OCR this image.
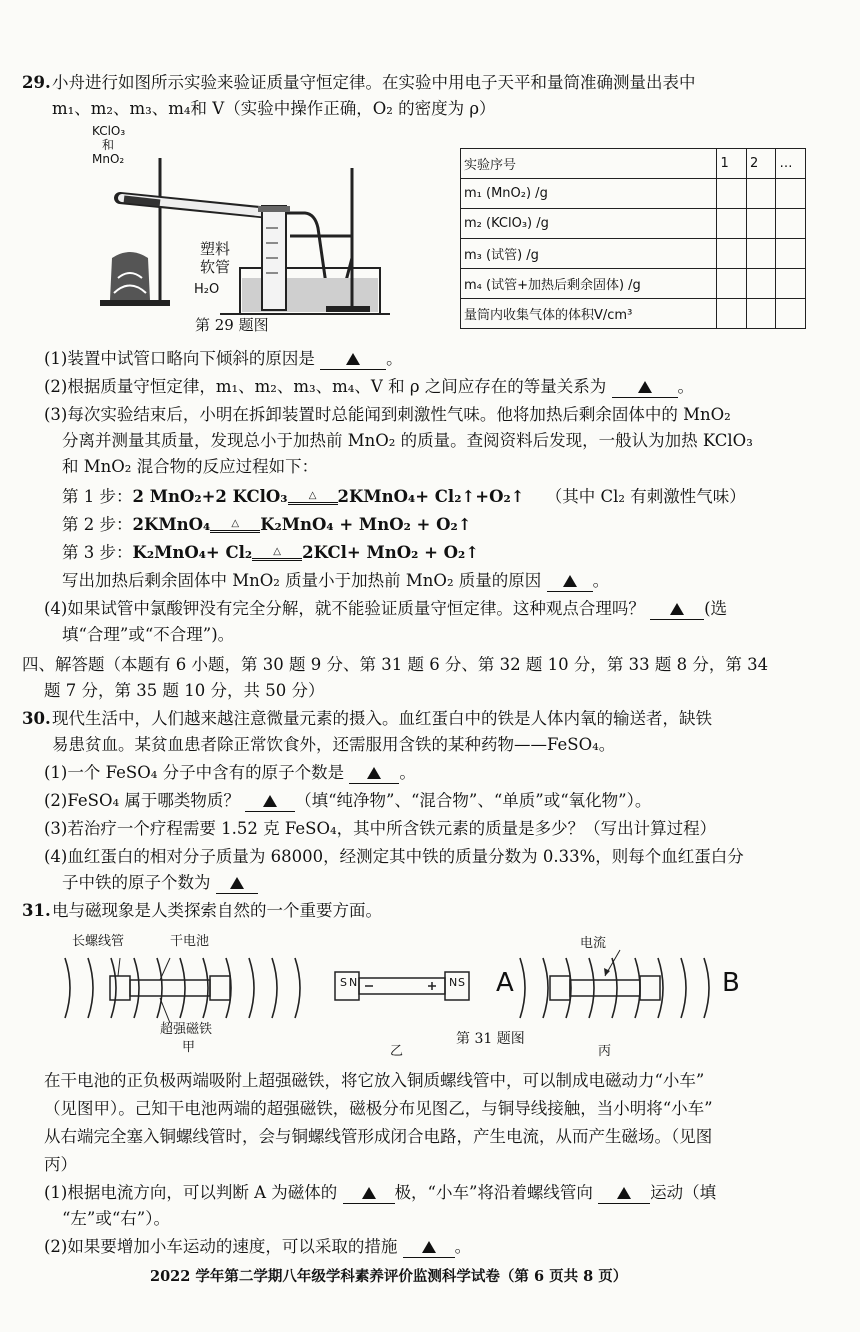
29. 小舟进行如图所示实验来验证质量守恒定律。在实验中用电子天平和量筒准确测量出表中
m₁、m₂、m₃、m₄和 V（实验中操作正确，O₂ 的密度为 ρ）
KClO₃
和
MnO₂
塑料
软管
H₂O
第 29 题图
实验序号	1	2	…
m₁ (MnO₂) /g			
m₂ (KClO₃) /g			
m₃ (试管) /g			
m₄ (试管+加热后剩余固体) /g			
量筒内收集气体的体积V/cm³			
(1)装置中试管口略向下倾斜的原因是	。
(2)根据质量守恒定律，m₁、m₂、m₃、m₄、V 和 ρ 之间应存在的等量关系为	。
(3)每次实验结束后，小明在拆卸装置时总能闻到刺激性气味。他将加热后剩余固体中的 MnO₂
分离并测量其质量，发现总小于加热前 MnO₂ 的质量。查阅资料后发现，一般认为加热 KClO₃
和 MnO₂ 混合物的反应过程如下：
第 1 步：2 MnO₂+2 KClO₃	△	2KMnO₄+ Cl₂↑+O₂↑ （其中 Cl₂ 有刺激性气味）
第 2 步：2KMnO₄	△	K₂MnO₄ + MnO₂ + O₂↑
第 3 步：K₂MnO₄+ Cl₂	△	2KCl+ MnO₂ + O₂↑
写出加热后剩余固体中 MnO₂ 质量小于加热前 MnO₂ 质量的原因	。
(4)如果试管中氯酸钾没有完全分解，就不能验证质量守恒定律。这种观点合理吗？	(选
填“合理”或“不合理”)。
四、解答题（本题有 6 小题，第 30 题 9 分、第 31 题 6 分、第 32 题 10 分，第 33 题 8 分，第 34
题 7 分，第 35 题 10 分，共 50 分）
30. 现代生活中，人们越来越注意微量元素的摄入。血红蛋白中的铁是人体内氧的输送者，缺铁
易患贫血。某贫血患者除正常饮食外，还需服用含铁的某种药物——FeSO₄。
(1)一个 FeSO₄ 分子中含有的原子个数是	。
(2)FeSO₄ 属于哪类物质？	（填“纯净物”、“混合物”、“单质”或“氧化物”）。
(3)若治疗一个疗程需要 1.52 克 FeSO₄，其中所含铁元素的质量是多少？（写出计算过程）
(4)血红蛋白的相对分子质量为 68000，经测定其中铁的质量分数为 0.33%，则每个血红蛋白分
子中铁的原子个数为
31. 电与磁现象是人类探索自然的一个重要方面。
长螺线管	干电池
超强磁铁
甲
S N	N S
乙
第 31 题图
电流
A	B
丙
在干电池的正负极两端吸附上超强磁铁，将它放入铜质螺线管中，可以制成电磁动力“小车”
（见图甲）。己知干电池两端的超强磁铁，磁极分布见图乙，与铜导线接触，当小明将“小车”
从右端完全塞入铜螺线管时，会与铜螺线管形成闭合电路，产生电流，从而产生磁场。（见图
丙）
(1)根据电流方向，可以判断 A 为磁体的	极，“小车”将沿着螺线管向	运动（填
“左”或“右”）。
(2)如果要增加小车运动的速度，可以采取的措施	。
2022 学年第二学期八年级学科素养评价监测科学试卷（第 6 页共 8 页）
